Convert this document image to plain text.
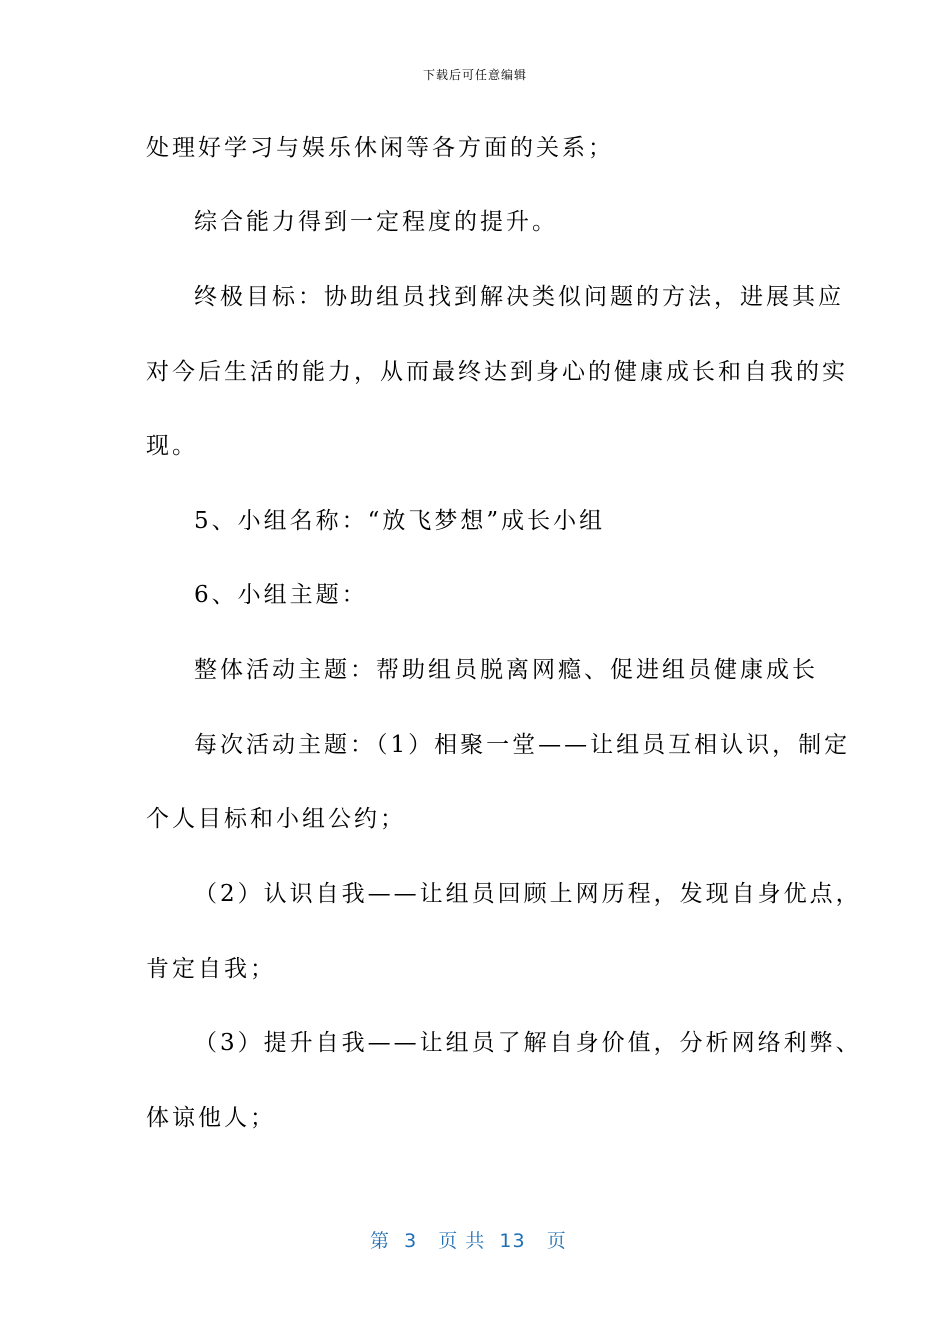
下载后可任意编辑
处理好学习与娱乐休闲等各方面的关系；
综合能力得到一定程度的提升。
终极目标：协助组员找到解决类似问题的方法，进展其应
对今后生活的能力，从而最终达到身心的健康成长和自我的实
现。
5、小组名称：“放飞梦想”成长小组
6、小组主题：
整体活动主题：帮助组员脱离网瘾、促进组员健康成长
每次活动主题：（1）相聚一堂——让组员互相认识，制定
个人目标和小组公约；
（2）认识自我——让组员回顾上网历程，发现自身优点，
肯定自我；
（3）提升自我——让组员了解自身价值，分析网络利弊、
体谅他人；
第  3   页 共  13   页
